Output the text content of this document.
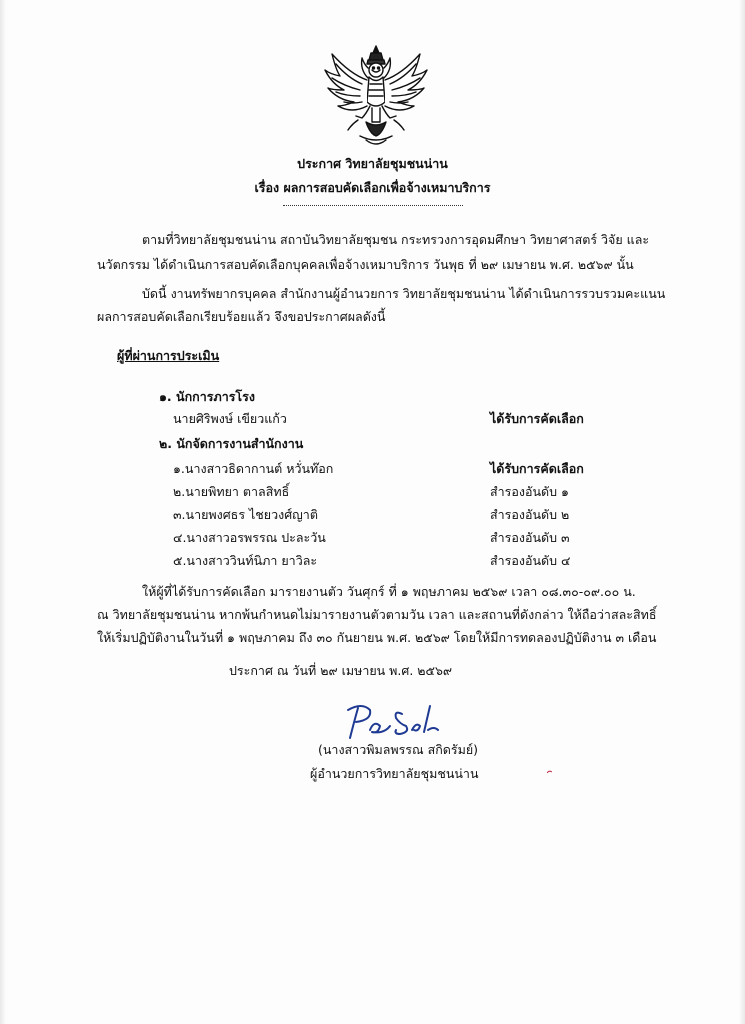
ประกาศ วิทยาลัยชุมชนน่าน
เรื่อง ผลการสอบคัดเลือกเพื่อจ้างเหมาบริการ
ตามที่วิทยาลัยชุมชนน่าน สถาบันวิทยาลัยชุมชน กระทรวงการอุดมศึกษา วิทยาศาสตร์ วิจัย และ
นวัตกรรม ได้ดำเนินการสอบคัดเลือกบุคคลเพื่อจ้างเหมาบริการ วันพุธ ที่ ๒๙ เมษายน พ.ศ. ๒๕๖๙ นั้น
บัดนี้ งานทรัพยากรบุคคล สำนักงานผู้อำนวยการ วิทยาลัยชุมชนน่าน ได้ดำเนินการรวบรวมคะแนน
ผลการสอบคัดเลือกเรียบร้อยแล้ว จึงขอประกาศผลดังนี้
ผู้ที่ผ่านการประเมิน
๑. นักการภารโรง
นายศิริพงษ์ เขียวแก้ว	ได้รับการคัดเลือก
๒. นักจัดการงานสำนักงาน
๑.นางสาวธิดากานต์ หวั่นท๊อก	ได้รับการคัดเลือก
๒.นายพิทยา ตาลสิทธิ์	สำรองอันดับ ๑
๓.นายพงศธร ไชยวงศ์ญาติ	สำรองอันดับ ๒
๔.นางสาวอรพรรณ ปะละวัน	สำรองอันดับ ๓
๕.นางสาววินท์นิภา ยาวิละ	สำรองอันดับ ๔
ให้ผู้ที่ได้รับการคัดเลือก มารายงานตัว วันศุกร์ ที่ ๑ พฤษภาคม ๒๕๖๙ เวลา ๐๘.๓๐-๐๙.๐๐ น.
ณ วิทยาลัยชุมชนน่าน หากพ้นกำหนดไม่มารายงานตัวตามวัน เวลา และสถานที่ดังกล่าว ให้ถือว่าสละสิทธิ์
ให้เริ่มปฏิบัติงานในวันที่ ๑ พฤษภาคม ถึง ๓๐ กันยายน พ.ศ. ๒๕๖๙ โดยให้มีการทดลองปฏิบัติงาน ๓ เดือน
ประกาศ ณ วันที่ ๒๙ เมษายน พ.ศ. ๒๕๖๙
(นางสาวพิมลพรรณ สกิดรัมย์)
ผู้อำนวยการวิทยาลัยชุมชนน่าน
